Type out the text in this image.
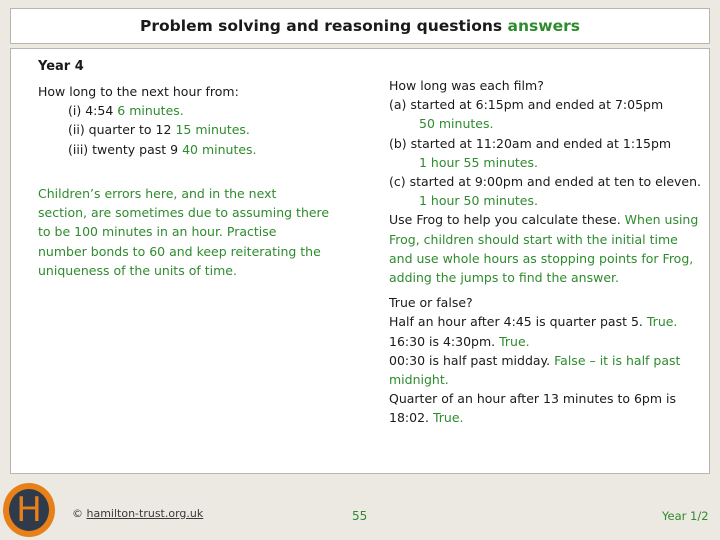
Problem solving and reasoning questions answers
Year 4
How long to the next hour from:
(i) 4:54 6 minutes.
(ii) quarter to 12 15 minutes.
(iii) twenty past 9 40 minutes.
Children’s errors here, and in the next
section, are sometimes due to assuming there
to be 100 minutes in an hour. Practise
number bonds to 60 and keep reiterating the
uniqueness of the units of time.
How long was each film?
(a) started at 6:15pm and ended at 7:05pm
50 minutes.
(b) started at 11:20am and ended at 1:15pm
1 hour 55 minutes.
(c) started at 9:00pm and ended at ten to eleven.
1 hour 50 minutes.
Use Frog to help you calculate these. When using Frog, children should start with the initial time and use whole hours as stopping points for Frog, adding the jumps to find the answer.
True or false?
Half an hour after 4:45 is quarter past 5. True.
16:30 is 4:30pm. True.
00:30 is half past midday. False – it is half past midnight.
Quarter of an hour after 13 minutes to 6pm is 18:02. True.
H	© hamilton-trust.org.uk	55	Year 1/2
